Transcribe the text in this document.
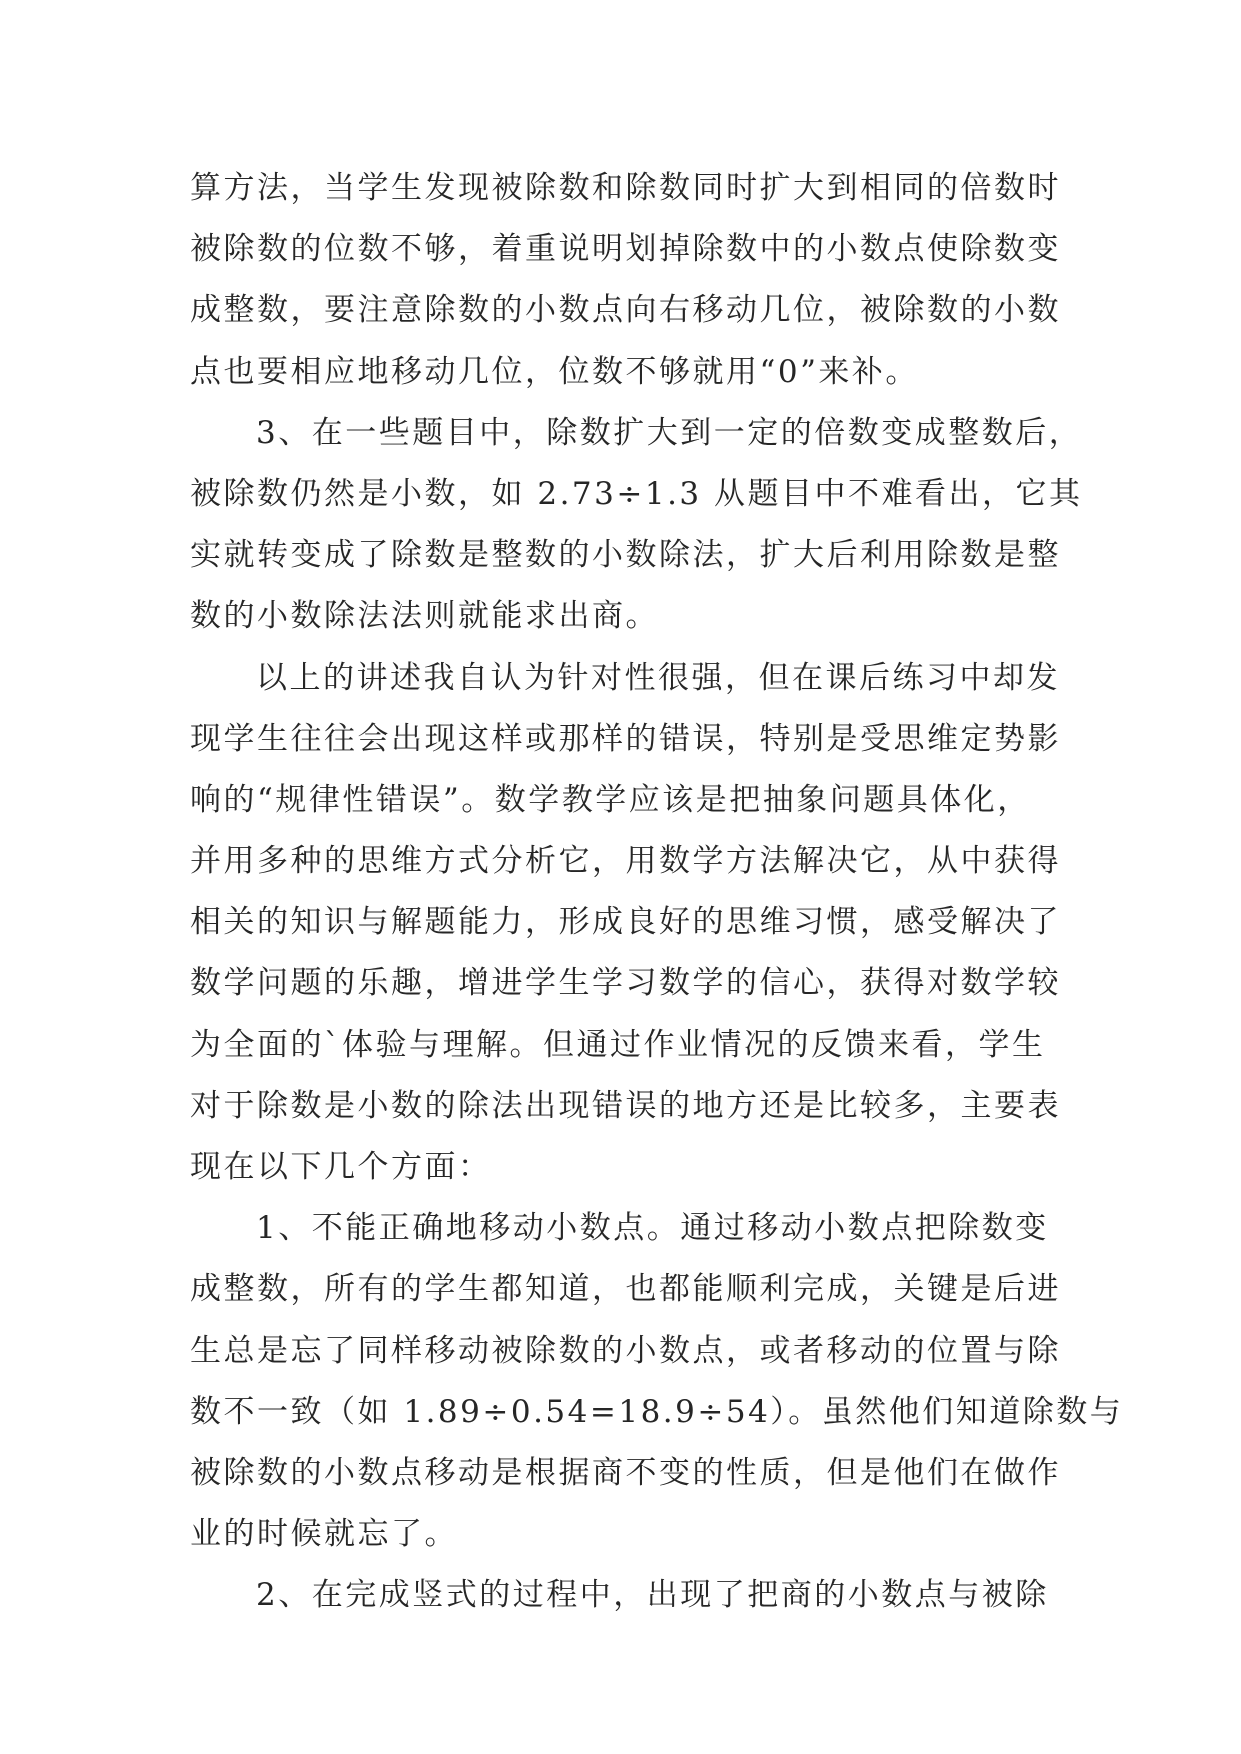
算方法，当学生发现被除数和除数同时扩大到相同的倍数时
被除数的位数不够，着重说明划掉除数中的小数点使除数变
成整数，要注意除数的小数点向右移动几位，被除数的小数
点也要相应地移动几位，位数不够就用“0”来补。
3、在一些题目中，除数扩大到一定的倍数变成整数后，
被除数仍然是小数，如 2.73÷1.3 从题目中不难看出，它其
实就转变成了除数是整数的小数除法，扩大后利用除数是整
数的小数除法法则就能求出商。
以上的讲述我自认为针对性很强，但在课后练习中却发
现学生往往会出现这样或那样的错误，特别是受思维定势影
响的“规律性错误”。数学教学应该是把抽象问题具体化，
并用多种的思维方式分析它，用数学方法解决它，从中获得
相关的知识与解题能力，形成良好的思维习惯，感受解决了
数学问题的乐趣，增进学生学习数学的信心，获得对数学较
为全面的`体验与理解。但通过作业情况的反馈来看，学生
对于除数是小数的除法出现错误的地方还是比较多，主要表
现在以下几个方面：
1、不能正确地移动小数点。通过移动小数点把除数变
成整数，所有的学生都知道，也都能顺利完成，关键是后进
生总是忘了同样移动被除数的小数点，或者移动的位置与除
数不一致（如 1.89÷0.54=18.9÷54）。虽然他们知道除数与
被除数的小数点移动是根据商不变的性质，但是他们在做作
业的时候就忘了。
2、在完成竖式的过程中，出现了把商的小数点与被除
